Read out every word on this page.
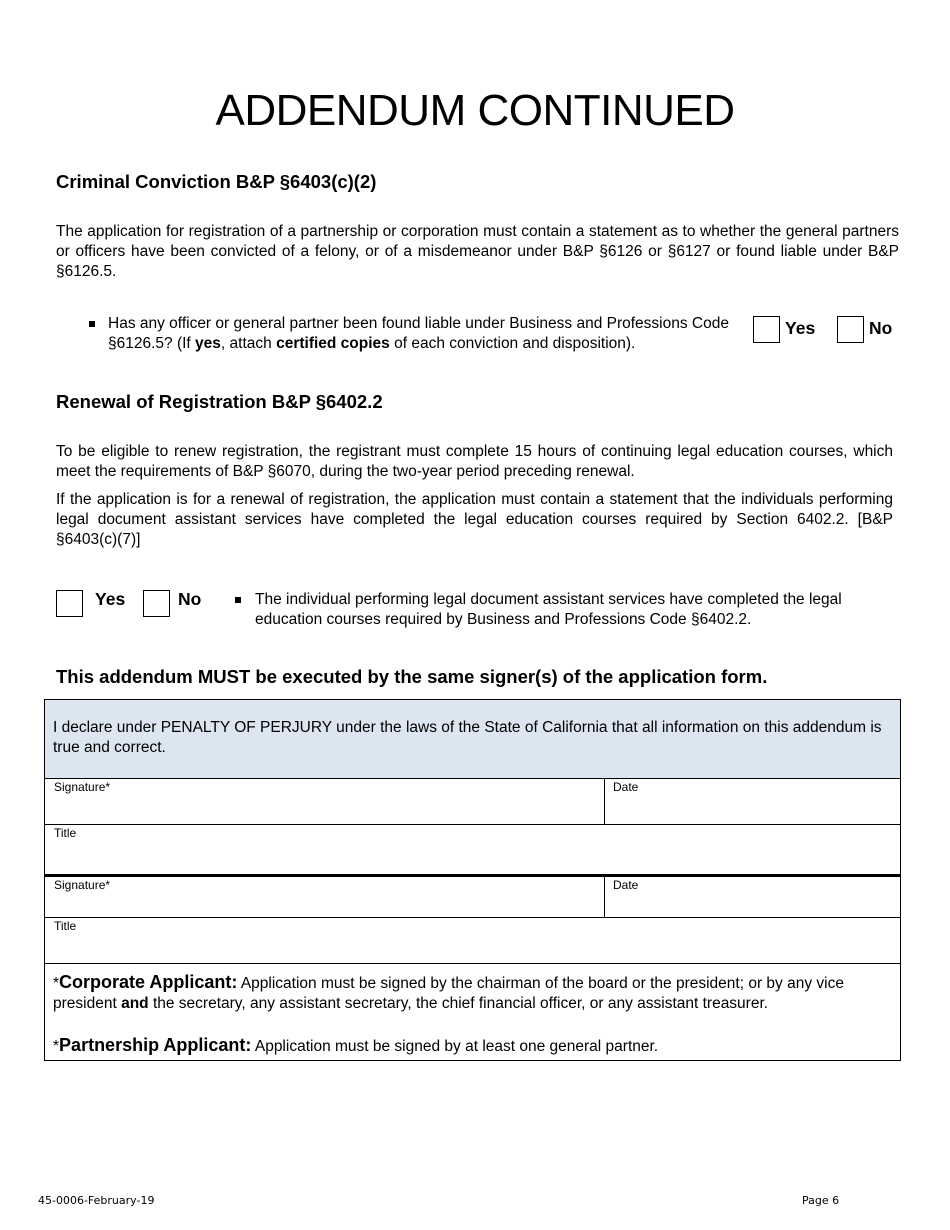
ADDENDUM CONTINUED
Criminal Conviction B&P §6403(c)(2)
The application for registration of a partnership or corporation must contain a statement as to whether the general partners or officers have been convicted of a felony, or of a misdemeanor under B&P §6126 or §6127 or found liable under B&P §6126.5.
Has any officer or general partner been found liable under Business and Professions Code §6126.5? (If yes, attach certified copies of each conviction and disposition).
Yes	No
Renewal of Registration B&P §6402.2
To be eligible to renew registration, the registrant must complete 15 hours of continuing legal education courses, which meet the requirements of B&P §6070, during the two-year period preceding renewal.
If the application is for a renewal of registration, the application must contain a statement that the individuals performing legal document assistant services have completed the legal education courses required by Section 6402.2. [B&P §6403(c)(7)]
Yes	No	The individual performing legal document assistant services have completed the legal education courses required by Business and Professions Code §6402.2.
This addendum MUST be executed by the same signer(s) of the application form.
I declare under PENALTY OF PERJURY under the laws of the State of California that all information on this addendum is true and correct.
Signature*	Date
Title
Signature*	Date
Title
*Corporate Applicant: Application must be signed by the chairman of the board or the president; or by any vice president and the secretary, any assistant secretary, the chief financial officer, or any assistant treasurer.
*Partnership Applicant: Application must be signed by at least one general partner.
45-0006-February-19	Page 6
